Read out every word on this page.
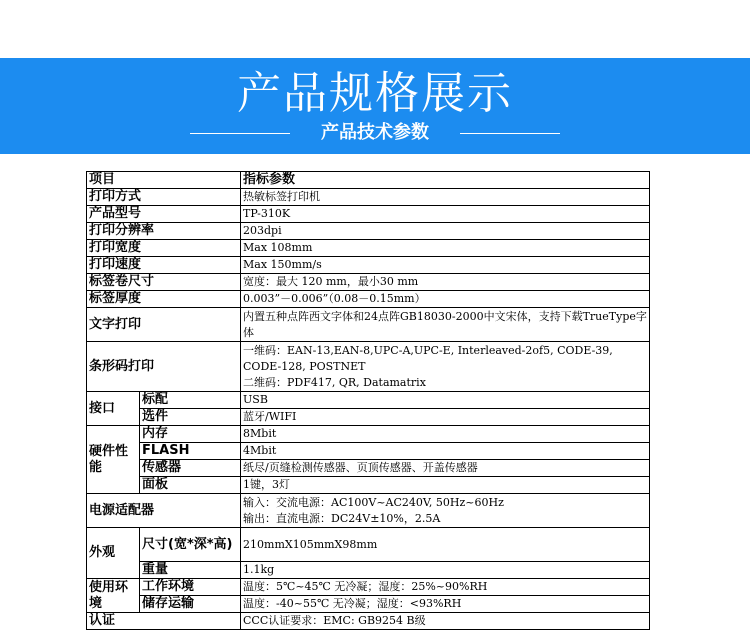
产品规格展示
产品技术参数
项目		指标参数
打印方式		热敏标签打印机
产品型号		TP-310K
打印分辨率		203dpi
打印宽度		Max 108mm
打印速度		Max 150mm/s
标签卷尺寸		宽度：最大 120 mm，最小30 mm
标签厚度		0.003”－0.006”（0.08－0.15mm）
文字打印		内置五种点阵西文字体和24点阵GB18030-2000中文宋体，支持下载TrueType字体
条形码打印		一维码：EAN-13,EAN-8,UPC-A,UPC-E, Interleaved-2of5, CODE-39, CODE-128, POSTNET
二维码：PDF417, QR, Datamatrix

接口	标配	USB
	选件	蓝牙/WIFI
硬件性能	内存	8Mbit
	FLASH	4Mbit
	传感器	纸尽/页缝检测传感器、页顶传感器、开盖传感器
	面板	1键，3灯
电源适配器		输入：交流电源：AC100V~AC240V, 50Hz~60Hz
输出：直流电源：DC24V±10%，2.5A

外观	尺寸(宽*深*高)	210mmX105mmX98mm
	重量	1.1kg
使用环境	工作环境	温度：5℃~45℃ 无冷凝；湿度：25%~90%RH
	储存运输	温度：-40~55℃ 无冷凝；湿度：<93%RH
认证		CCC认证要求：EMC: GB9254 B级
